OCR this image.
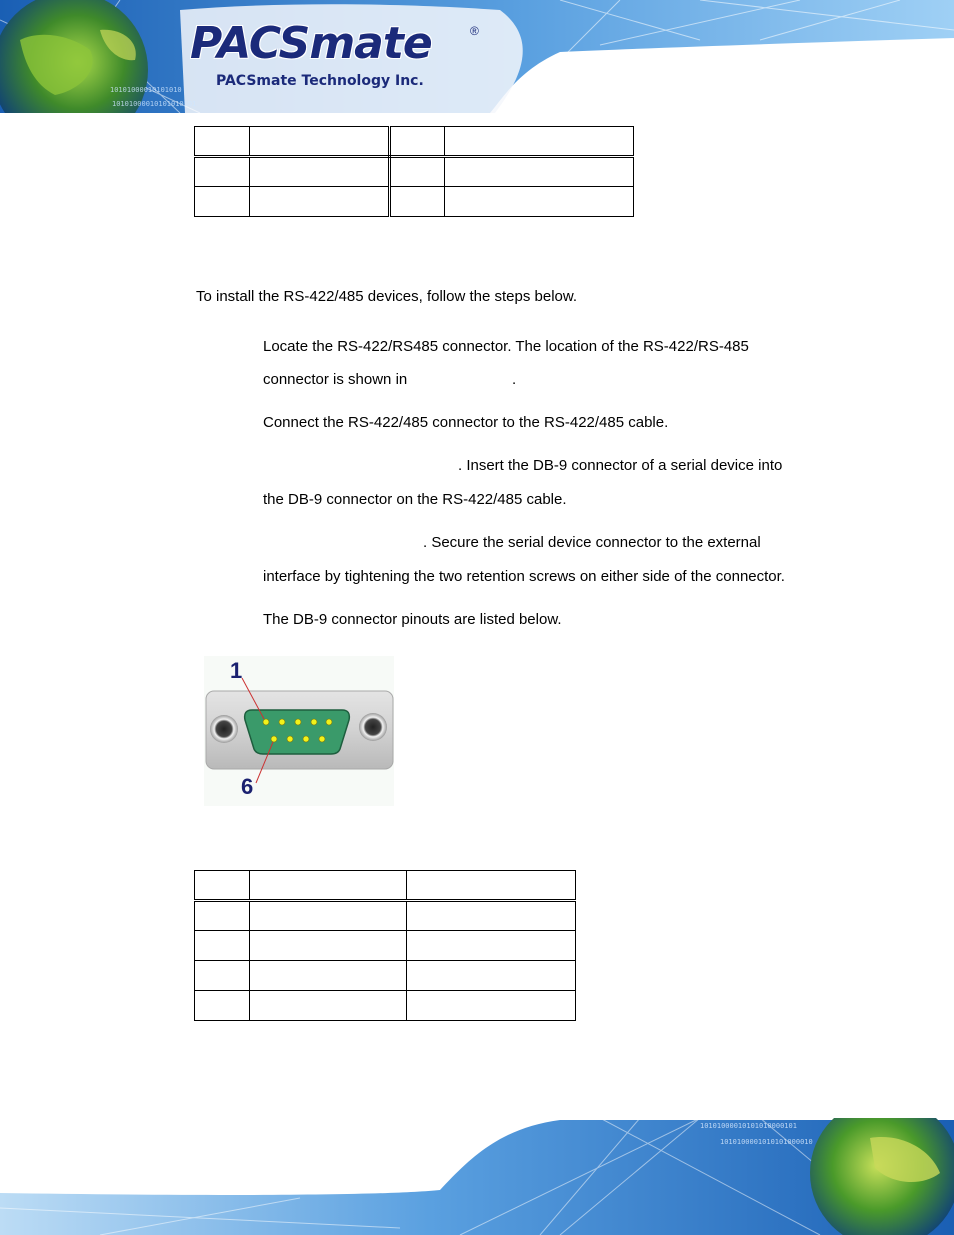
10101000010101010
10101000010101010101
PACSmate	®
PACSmate Technology Inc.

To install the RS-422/485 devices, follow the steps below.
Locate the RS-422/RS485 connector. The location of the RS-422/RS-485
connector is shown in	.
Connect the RS-422/485 connector to the RS-422/485 cable.
. Insert the DB-9 connector of a serial device into
the DB-9 connector on the RS-422/485 cable.
. Secure the serial device connector to the external
interface by tightening the two retention screws on either side of the connector.
The DB-9 connector pinouts are listed below.
1
6

10101000010101010000101
1010100001010101000010
